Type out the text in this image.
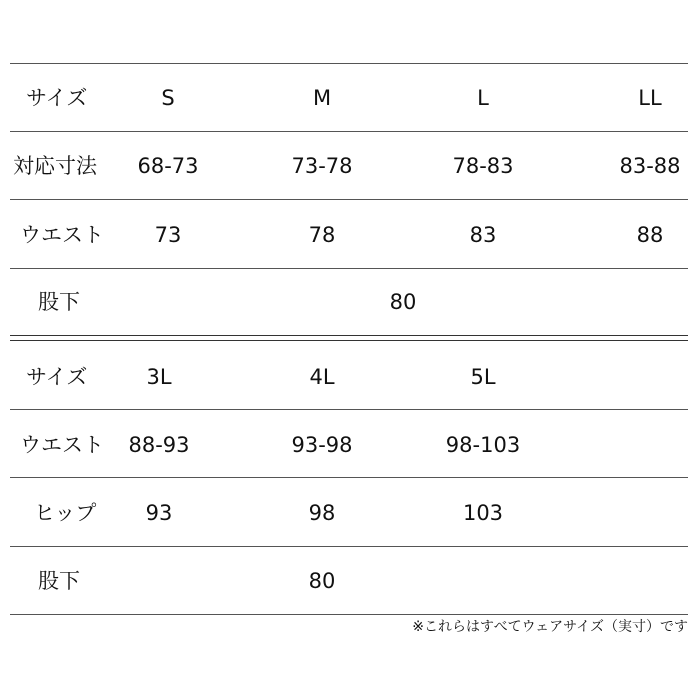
サイズ	S	M	L	LL
対応寸法 68-73	73-78	78-83	83-88
ウエスト 73	78	83	88
股下	80
サイズ	3L	4L	5L
ウエスト 88-93	93-98	98-103
ヒップ 93	98	103
股下	80
※これらはすべてウェアサイズ（実寸）です
